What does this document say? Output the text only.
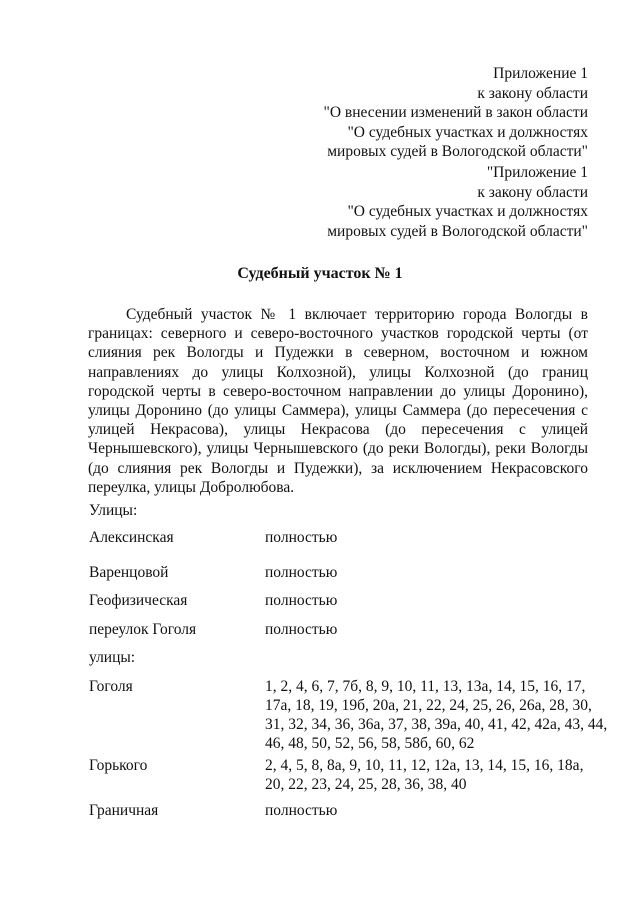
Приложение 1
к закону области
"О внесении изменений в закон области
"О судебных участках и должностях
мировых судей в Вологодской области"
"Приложение 1
к закону области
"О судебных участках и должностях
мировых судей в Вологодской области"
Судебный участок № 1
Судебный участок № 1 включает территорию города Вологды в границах: северного и северо-восточного участков городской черты (от слияния рек Вологды и Пудежки в северном, восточном и южном направлениях до улицы Колхозной), улицы Колхозной (до границ городской черты в северо-восточном направлении до улицы Доронино), улицы Доронино (до улицы Саммера), улицы Саммера (до пересечения с улицей Некрасова), улицы Некрасова (до пересечения с улицей Чернышевского), улицы Чернышевского (до реки Вологды), реки Вологды (до слияния рек Вологды и Пудежки), за исключением Некрасовского переулка, улицы Добролюбова.
Улицы:
Алексинская	полностью
Варенцовой	полностью
Геофизическая	полностью
переулок Гоголя	полностью
улицы:
Гоголя	1, 2, 4, 6, 7, 7б, 8, 9, 10, 11, 13, 13а, 14, 15, 16, 17,
17а, 18, 19, 19б, 20а, 21, 22, 24, 25, 26, 26а, 28, 30,
31, 32, 34, 36, 36а, 37, 38, 39а, 40, 41, 42, 42а, 43, 44,
46, 48, 50, 52, 56, 58, 58б, 60, 62
Горького	2, 4, 5, 8, 8а, 9, 10, 11, 12, 12а, 13, 14, 15, 16, 18а,
20, 22, 23, 24, 25, 28, 36, 38, 40
Граничная	полностью
